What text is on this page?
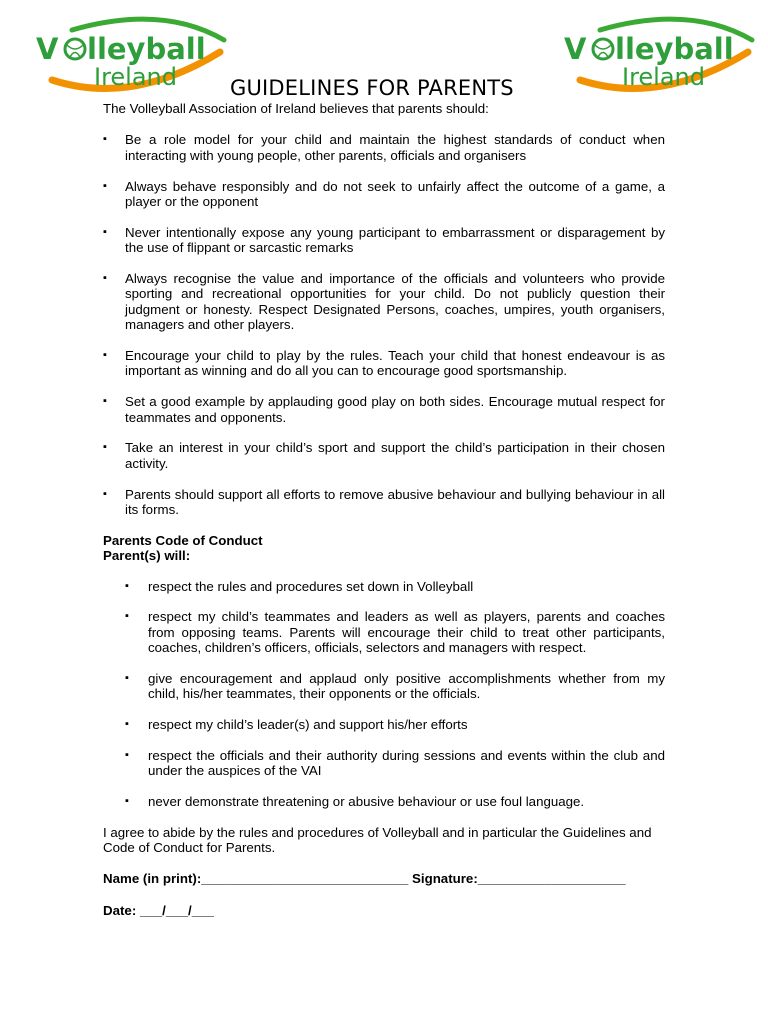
V lleyball
Ireland
V lleyball
Ireland
GUIDELINES FOR PARENTS

The Volleyball Association of Ireland believes that parents should:

▪ Be a role model for your child and maintain the highest standards of conduct when interacting with young people, other parents, officials and organisers
▪ Always behave responsibly and do not seek to unfairly affect the outcome of a game, a player or the opponent
▪ Never intentionally expose any young participant to embarrassment or disparagement by the use of flippant or sarcastic remarks
▪ Always recognise the value and importance of the officials and volunteers who provide sporting and recreational opportunities for your child. Do not publicly question their judgment or honesty. Respect Designated Persons, coaches, umpires, youth organisers, managers and other players.
▪ Encourage your child to play by the rules. Teach your child that honest endeavour is as important as winning and do all you can to encourage good sportsmanship.
▪ Set a good example by applauding good play on both sides. Encourage mutual respect for teammates and opponents.
▪ Take an interest in your child’s sport and support the child’s participation in their chosen activity.
▪ Parents should support all efforts to remove abusive behaviour and bullying behaviour in all its forms.

Parents Code of Conduct

Parent(s) will:

▪ respect the rules and procedures set down in Volleyball
▪ respect my child’s teammates and leaders as well as players, parents and coaches from opposing teams. Parents will encourage their child to treat other participants, coaches, children’s officers, officials, selectors and managers with respect.
▪ give encouragement and applaud only positive accomplishments whether from my child, his/her teammates, their opponents or the officials.
▪ respect my child’s leader(s) and support his/her efforts
▪ respect the officials and their authority during sessions and events within the club and under the auspices of the VAI
▪ never demonstrate threatening or abusive behaviour or use foul language.

I agree to abide by the rules and procedures of Volleyball and in particular the Guidelines and Code of Conduct for Parents.

Name (in print):____________________________ Signature:____________________

Date: ___/___/___
